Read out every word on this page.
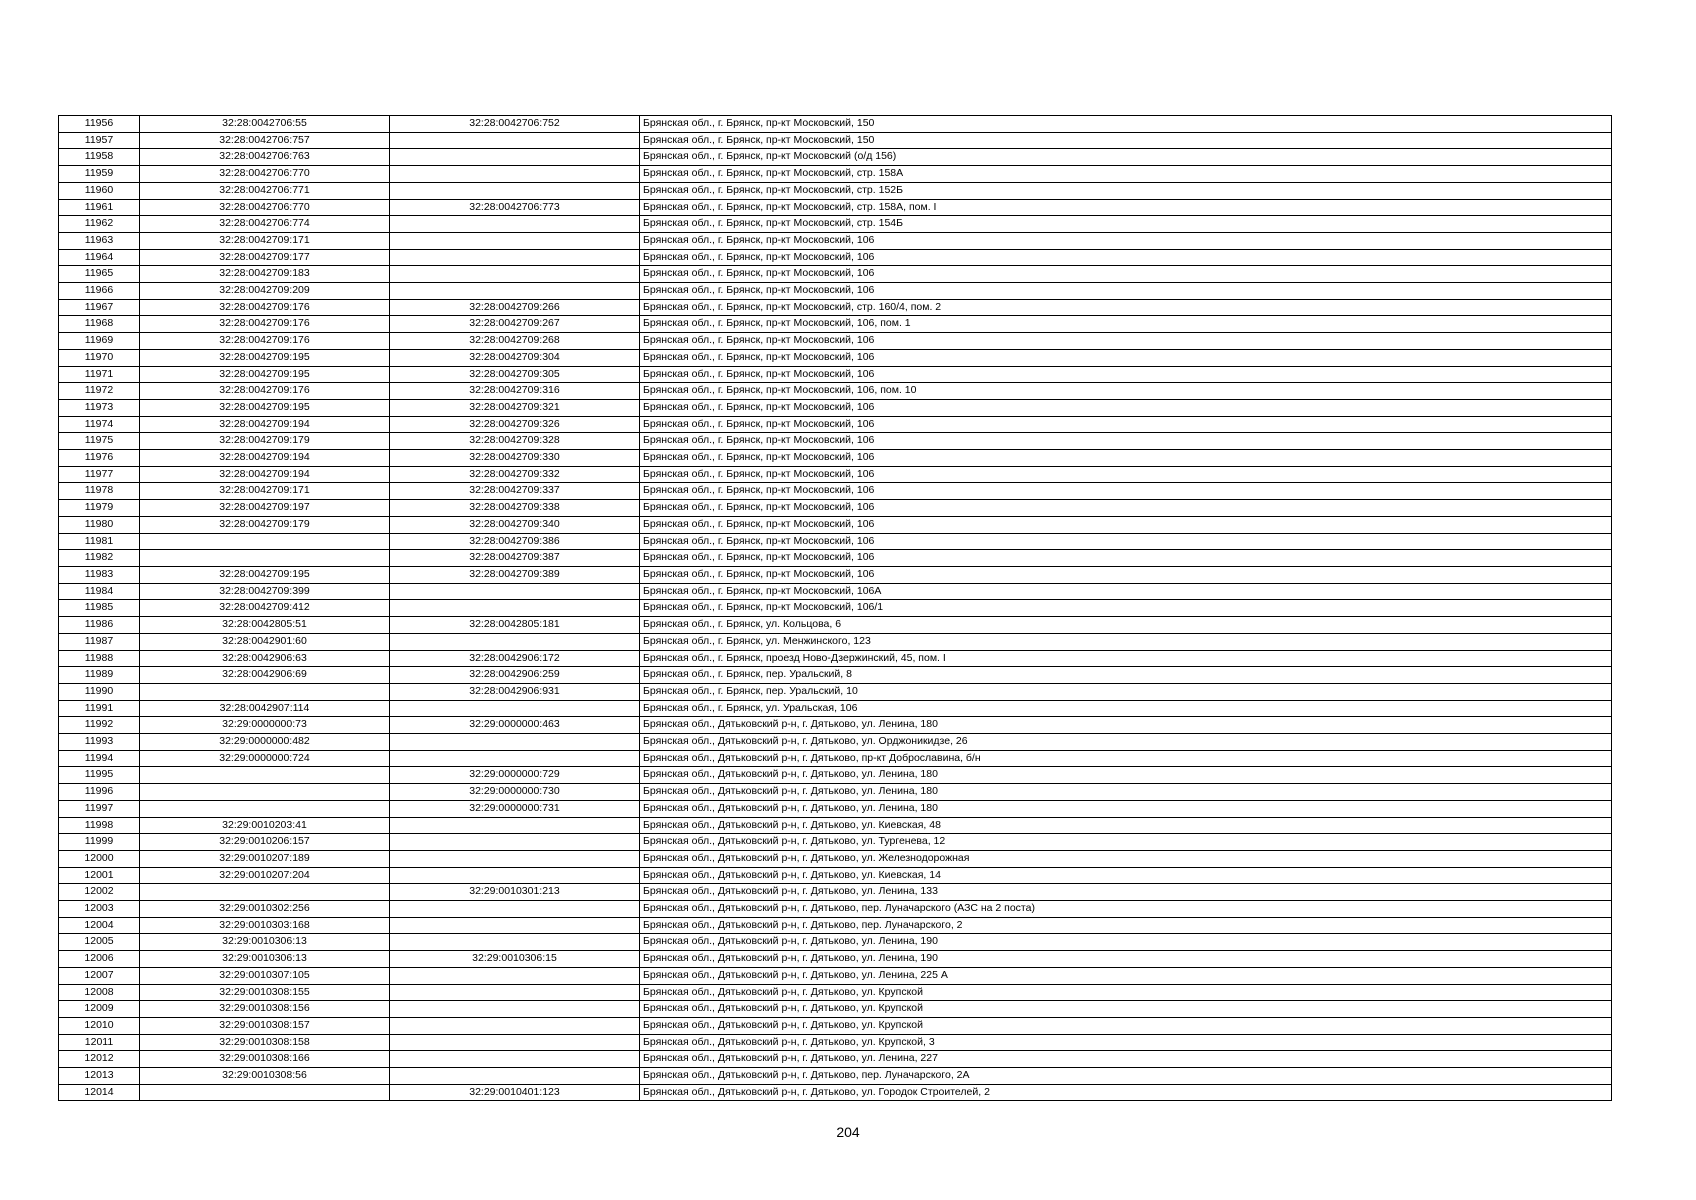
11956	32:28:0042706:55	32:28:0042706:752	Брянская обл., г. Брянск, пр-кт Московский, 150
11957	32:28:0042706:757		Брянская обл., г. Брянск, пр-кт Московский, 150
11958	32:28:0042706:763		Брянская обл., г. Брянск, пр-кт Московский (о/д 156)
11959	32:28:0042706:770		Брянская обл., г. Брянск, пр-кт Московский, стр. 158А
11960	32:28:0042706:771		Брянская обл., г. Брянск, пр-кт Московский, стр. 152Б
11961	32:28:0042706:770	32:28:0042706:773	Брянская обл., г. Брянск, пр-кт Московский, стр. 158А, пом. I
11962	32:28:0042706:774		Брянская обл., г. Брянск, пр-кт Московский, стр. 154Б
11963	32:28:0042709:171		Брянская обл., г. Брянск, пр-кт Московский, 106
11964	32:28:0042709:177		Брянская обл., г. Брянск, пр-кт Московский, 106
11965	32:28:0042709:183		Брянская обл., г. Брянск, пр-кт Московский, 106
11966	32:28:0042709:209		Брянская обл., г. Брянск, пр-кт Московский, 106
11967	32:28:0042709:176	32:28:0042709:266	Брянская обл., г. Брянск, пр-кт Московский, стр. 160/4, пом. 2
11968	32:28:0042709:176	32:28:0042709:267	Брянская обл., г. Брянск, пр-кт Московский, 106, пом. 1
11969	32:28:0042709:176	32:28:0042709:268	Брянская обл., г. Брянск, пр-кт Московский, 106
11970	32:28:0042709:195	32:28:0042709:304	Брянская обл., г. Брянск, пр-кт Московский, 106
11971	32:28:0042709:195	32:28:0042709:305	Брянская обл., г. Брянск, пр-кт Московский, 106
11972	32:28:0042709:176	32:28:0042709:316	Брянская обл., г. Брянск, пр-кт Московский, 106, пом. 10
11973	32:28:0042709:195	32:28:0042709:321	Брянская обл., г. Брянск, пр-кт Московский, 106
11974	32:28:0042709:194	32:28:0042709:326	Брянская обл., г. Брянск, пр-кт Московский, 106
11975	32:28:0042709:179	32:28:0042709:328	Брянская обл., г. Брянск, пр-кт Московский, 106
11976	32:28:0042709:194	32:28:0042709:330	Брянская обл., г. Брянск, пр-кт Московский, 106
11977	32:28:0042709:194	32:28:0042709:332	Брянская обл., г. Брянск, пр-кт Московский, 106
11978	32:28:0042709:171	32:28:0042709:337	Брянская обл., г. Брянск, пр-кт Московский, 106
11979	32:28:0042709:197	32:28:0042709:338	Брянская обл., г. Брянск, пр-кт Московский, 106
11980	32:28:0042709:179	32:28:0042709:340	Брянская обл., г. Брянск, пр-кт Московский, 106
11981		32:28:0042709:386	Брянская обл., г. Брянск, пр-кт Московский, 106
11982		32:28:0042709:387	Брянская обл., г. Брянск, пр-кт Московский, 106
11983	32:28:0042709:195	32:28:0042709:389	Брянская обл., г. Брянск, пр-кт Московский, 106
11984	32:28:0042709:399		Брянская обл., г. Брянск, пр-кт Московский, 106А
11985	32:28:0042709:412		Брянская обл., г. Брянск, пр-кт Московский, 106/1
11986	32:28:0042805:51	32:28:0042805:181	Брянская обл., г. Брянск, ул. Кольцова, 6
11987	32:28:0042901:60		Брянская обл., г. Брянск, ул. Менжинского, 123
11988	32:28:0042906:63	32:28:0042906:172	Брянская обл., г. Брянск, проезд Ново-Дзержинский, 45, пом. I
11989	32:28:0042906:69	32:28:0042906:259	Брянская обл., г. Брянск, пер. Уральский, 8
11990		32:28:0042906:931	Брянская обл., г. Брянск, пер. Уральский, 10
11991	32:28:0042907:114		Брянская обл., г. Брянск, ул. Уральская, 106
11992	32:29:0000000:73	32:29:0000000:463	Брянская обл., Дятьковский р-н, г. Дятьково, ул. Ленина, 180
11993	32:29:0000000:482		Брянская обл., Дятьковский р-н, г. Дятьково, ул. Орджоникидзе, 26
11994	32:29:0000000:724		Брянская обл., Дятьковский р-н, г. Дятьково, пр-кт Доброславина, б/н
11995		32:29:0000000:729	Брянская обл., Дятьковский р-н, г. Дятьково, ул. Ленина, 180
11996		32:29:0000000:730	Брянская обл., Дятьковский р-н, г. Дятьково, ул. Ленина, 180
11997		32:29:0000000:731	Брянская обл., Дятьковский р-н, г. Дятьково, ул. Ленина, 180
11998	32:29:0010203:41		Брянская обл., Дятьковский р-н, г. Дятьково, ул. Киевская, 48
11999	32:29:0010206:157		Брянская обл., Дятьковский р-н, г. Дятьково, ул. Тургенева, 12
12000	32:29:0010207:189		Брянская обл., Дятьковский р-н, г. Дятьково, ул. Железнодорожная
12001	32:29:0010207:204		Брянская обл., Дятьковский р-н, г. Дятьково, ул. Киевская, 14
12002		32:29:0010301:213	Брянская обл., Дятьковский р-н, г. Дятьково, ул. Ленина, 133
12003	32:29:0010302:256		Брянская обл., Дятьковский р-н, г. Дятьково, пер. Луначарского (АЗС на 2 поста)
12004	32:29:0010303:168		Брянская обл., Дятьковский р-н, г. Дятьково, пер. Луначарского, 2
12005	32:29:0010306:13		Брянская обл., Дятьковский р-н, г. Дятьково, ул. Ленина, 190
12006	32:29:0010306:13	32:29:0010306:15	Брянская обл., Дятьковский р-н, г. Дятьково, ул. Ленина, 190
12007	32:29:0010307:105		Брянская обл., Дятьковский р-н, г. Дятьково, ул. Ленина, 225 А
12008	32:29:0010308:155		Брянская обл., Дятьковский р-н, г. Дятьково, ул. Крупской
12009	32:29:0010308:156		Брянская обл., Дятьковский р-н, г. Дятьково, ул. Крупской
12010	32:29:0010308:157		Брянская обл., Дятьковский р-н, г. Дятьково, ул. Крупской
12011	32:29:0010308:158		Брянская обл., Дятьковский р-н, г. Дятьково, ул. Крупской, 3
12012	32:29:0010308:166		Брянская обл., Дятьковский р-н, г. Дятьково, ул. Ленина, 227
12013	32:29:0010308:56		Брянская обл., Дятьковский р-н, г. Дятьково, пер. Луначарского, 2А
12014		32:29:0010401:123	Брянская обл., Дятьковский р-н, г. Дятьково, ул. Городок Строителей, 2
204
